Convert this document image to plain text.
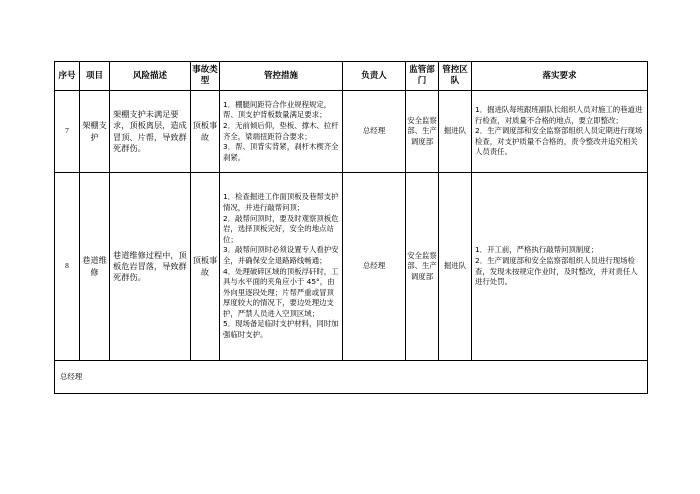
序号	项目	风险描述	事故类型	管控措施	负责人	监管部门	管控区队	落实要求
7	架棚支护	架棚支护未满足要求，顶板离层，造成冒顶、片帮，导致群死群伤。	顶板事故	1．棚腿间距符合作业规程规定，帮、顶支护背板数量满足要求；
2．无前倾后仰，垫板、撑木、拉杆齐全，梁端扭距符合要求；
3．帮、顶背实背紧，刹杆木楔齐全刹紧。	总经理	安全监察部、生产调度部	掘进队	1．掘进队每班跟班副队长组织人员对施工的巷道进行检查，对质量不合格的地点，要立即整改；
2．生产调度部和安全监察部组织人员定期进行现场检查，对支护质量不合格的，责令整改并追究相关人员责任。

8	巷道维修	巷道维修过程中，顶板危岩冒落，导致群死群伤。	顶板事故	1．检查掘进工作面顶板及巷帮支护情况，并进行敲帮问顶；
2．敲帮问顶时，要及时观察顶板危岩，选择顶板完好，安全的地点站位；
3．敲帮问顶时必须设置专人看护安全，并确保安全退路路线畅通；
4．处理破碎区域的顶板浮矸时，工具与水平面的夹角应小于 45°，由外向里逐段处理；片帮严重或冒顶厚度较大的情况下，要边处理边支护，严禁人员进入空顶区域；
5．现场备足临时支护材料，同时加强临时支护。	总经理	安全监察部、生产调度部	掘进队	1．开工前，严格执行敲帮问顶制度；
2．生产调度部和安全监察部组织人员进行现场检查，发现未按规定作业时，及时整改，并对责任人进行处罚。

总经理								
